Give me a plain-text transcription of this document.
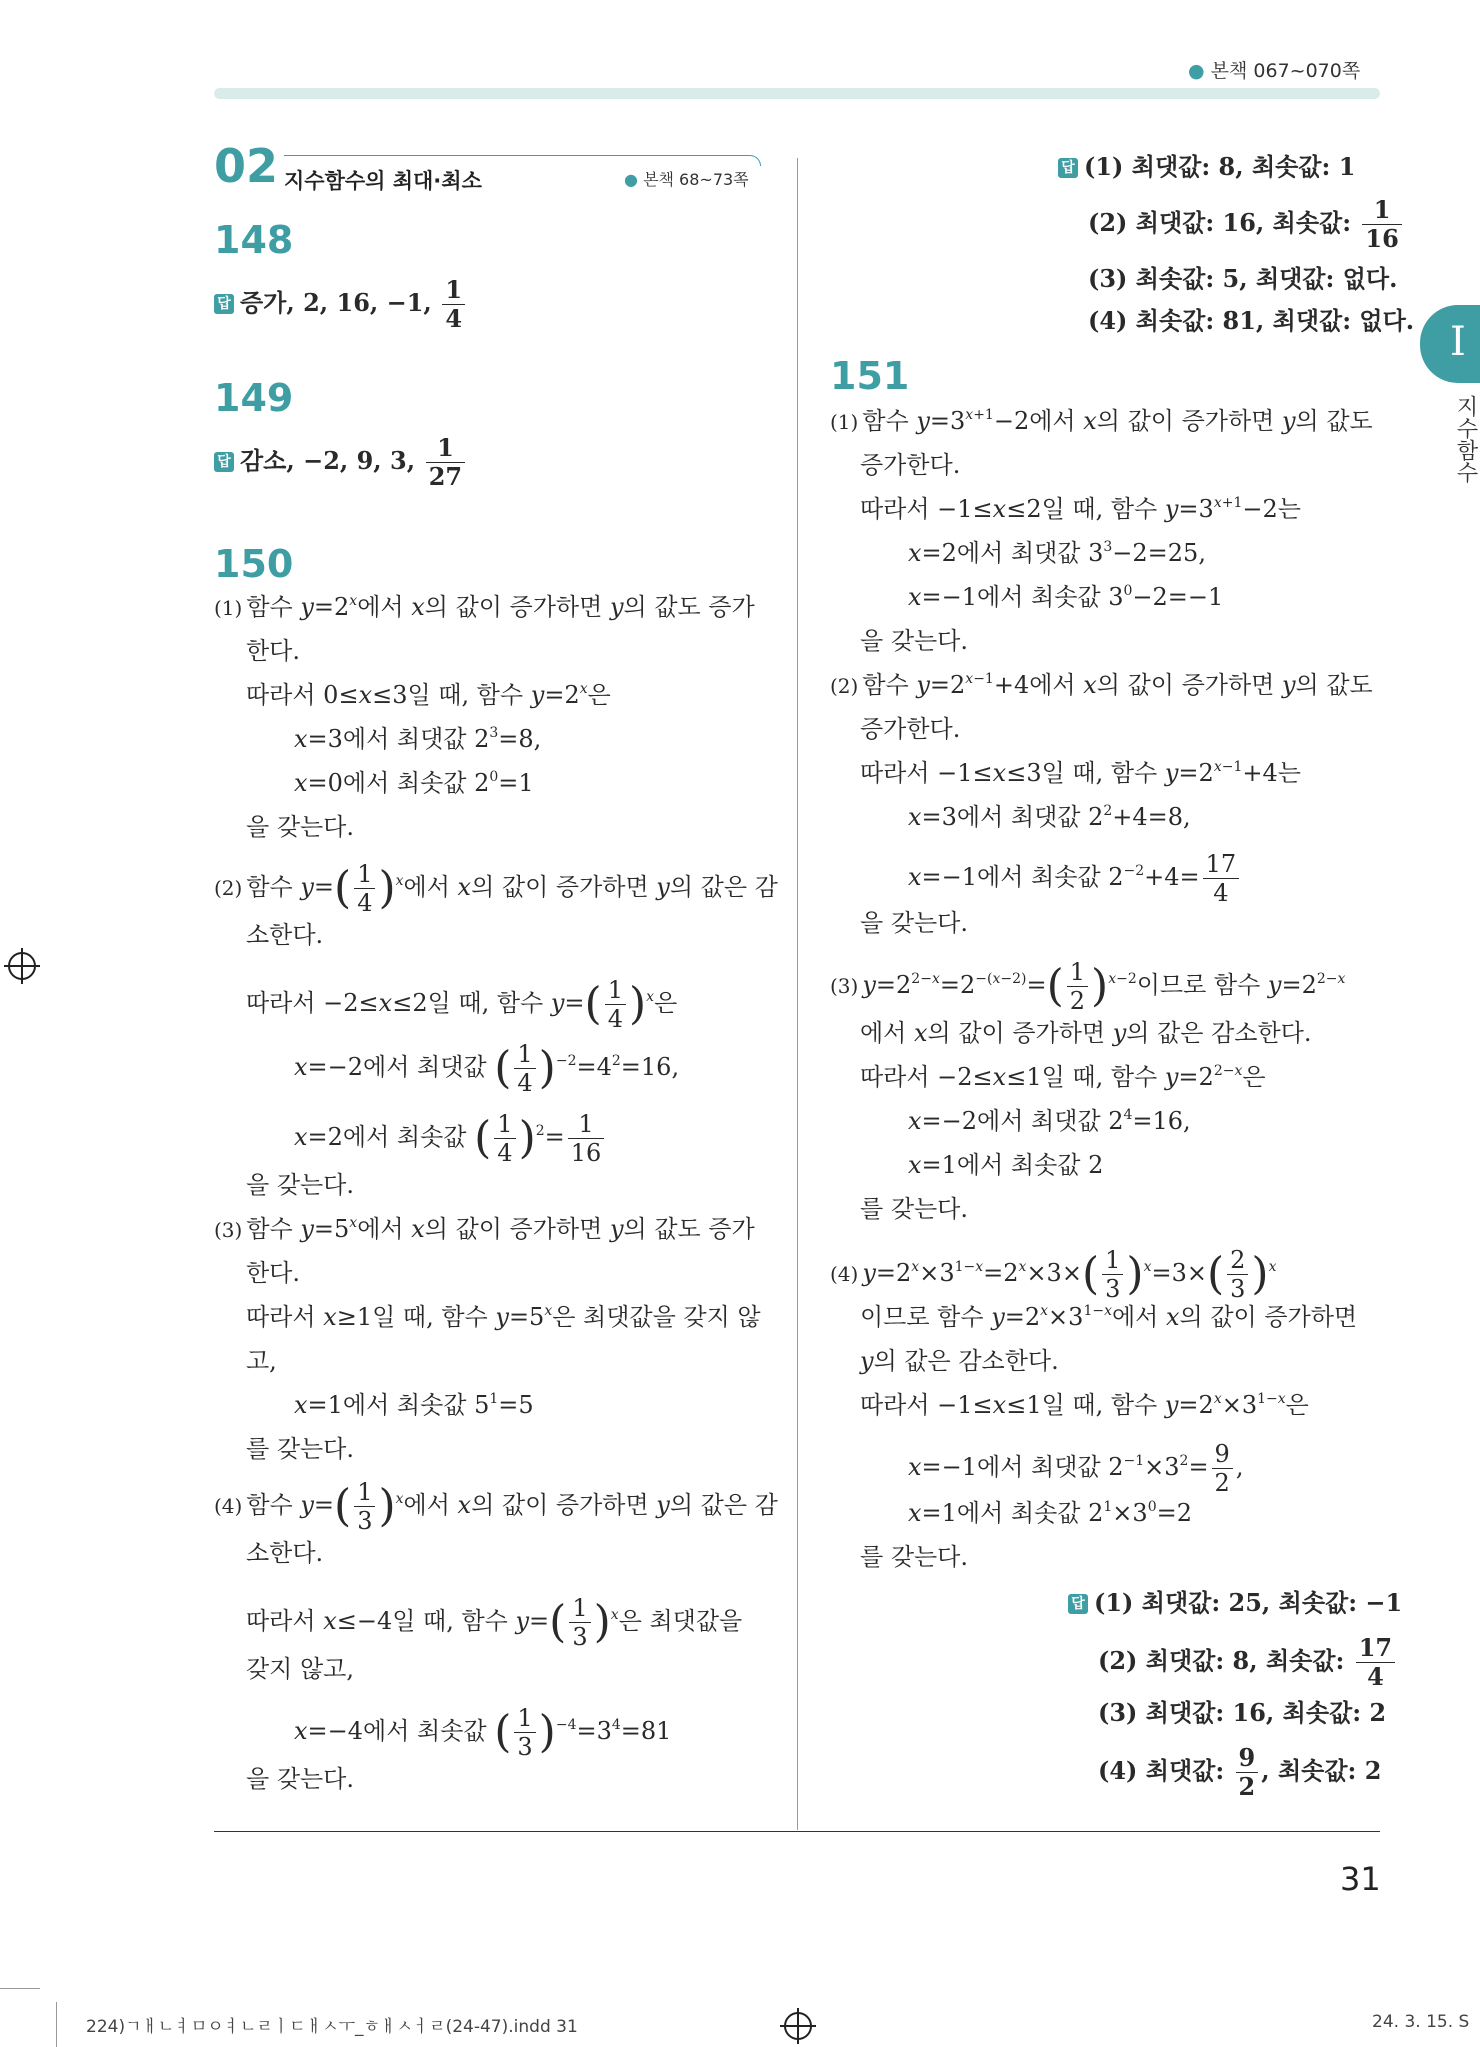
● 본책 067~070쪽
I
지수함수
02 지수함수의 최대·최소	● 본책 68~73쪽
148
답 증가, 2, 16, −1, $\frac{1}{4}$
149
답 감소, −2, 9, 3, $\frac{1}{27}$
150
(1) 함수 $y=2^x$에서 x의 값이 증가하면 y의 값도 증가
한다.
따라서 0≤x≤3일 때, 함수 $y=2^x$은
x=3에서 최댓값 $2^3=8$,
x=0에서 최솟값 $2^0=1$
을 갖는다.
(2) 함수 $y=( \frac{1}{4} )^x$에서 x의 값이 증가하면 y의 값은 감
소한다.
따라서 −2≤x≤2일 때, 함수 $y=( \frac{1}{4} )^x$은
x=−2에서 최댓값 ( $\frac{1}{4} )^{-2}=4^2=16$,
x=2에서 최솟값 ( $\frac{1}{4} )^2= \frac{1}{16}$
을 갖는다.
(3) 함수 $y=5^x$에서 x의 값이 증가하면 y의 값도 증가
한다.
따라서 x≥1일 때, 함수 $y=5^x$은 최댓값을 갖지 않
고,
x=1에서 최솟값 $5^1=5$
를 갖는다.
(4) 함수 $y=( \frac{1}{3} )^x$에서 x의 값이 증가하면 y의 값은 감
소한다.
따라서 x≤−4일 때, 함수 $y=( \frac{1}{3} )^x$은 최댓값을
갖지 않고,
x=−4에서 최솟값 ( $\frac{1}{3} )^{-4}=3^4=81$
을 갖는다.
답 (1) 최댓값: 8, 최솟값: 1
(2) 최댓값: 16, 최솟값: $\frac{1}{16}$
(3) 최솟값: 5, 최댓값: 없다.
(4) 최솟값: 81, 최댓값: 없다.
151
(1) 함수 $y=3^{x+1}-2$에서 x의 값이 증가하면 y의 값도
증가한다.
따라서 −1≤x≤2일 때, 함수 $y=3^{x+1}-2$는
x=2에서 최댓값 $3^3-2=25$,
x=−1에서 최솟값 $3^0-2=-1$
을 갖는다.
(2) 함수 $y=2^{x-1}+4$에서 x의 값이 증가하면 y의 값도
증가한다.
따라서 −1≤x≤3일 때, 함수 $y=2^{x-1}+4$는
x=3에서 최댓값 $2^2+4=8$,
x=−1에서 최솟값 $2^{-2}+4= \frac{17}{4}$
을 갖는다.
(3) $y=2^{2-x}=2^{-(x-2)}=( \frac{1}{2} )^{x-2}$이므로 함수 $y=2^{2-x}$
에서 x의 값이 증가하면 y의 값은 감소한다.
따라서 −2≤x≤1일 때, 함수 $y=2^{2-x}$은
x=−2에서 최댓값 $2^4=16$,
x=1에서 최솟값 2
를 갖는다.
(4) $y=2^x\times 3^{1-x}=2^x\times 3\times( \frac{1}{3} )^x=3\times( \frac{2}{3} )^x$
이므로 함수 $y=2^x\times 3^{1-x}$에서 x의 값이 증가하면
y의 값은 감소한다.
따라서 −1≤x≤1일 때, 함수 $y=2^x\times 3^{1-x}$은
x=−1에서 최댓값 $2^{-1}\times 3^2= \frac{9}{2}$ ,
x=1에서 최솟값 $2^1\times 3^0=2$
를 갖는다.
답 (1) 최댓값: 25, 최솟값: −1
(2) 최댓값: 8, 최솟값: $\frac{17}{4}$
(3) 최댓값: 16, 최솟값: 2
(4) 최댓값: $\frac{9}{2}$ , 최솟값: 2
31
224)ㄱㅐㄴㅕㅁㅇㅕㄴㄹㅣㄷㅐㅅㅜ_ㅎㅐㅅㅓㄹ(24-47).indd 31	24. 3. 15. S
